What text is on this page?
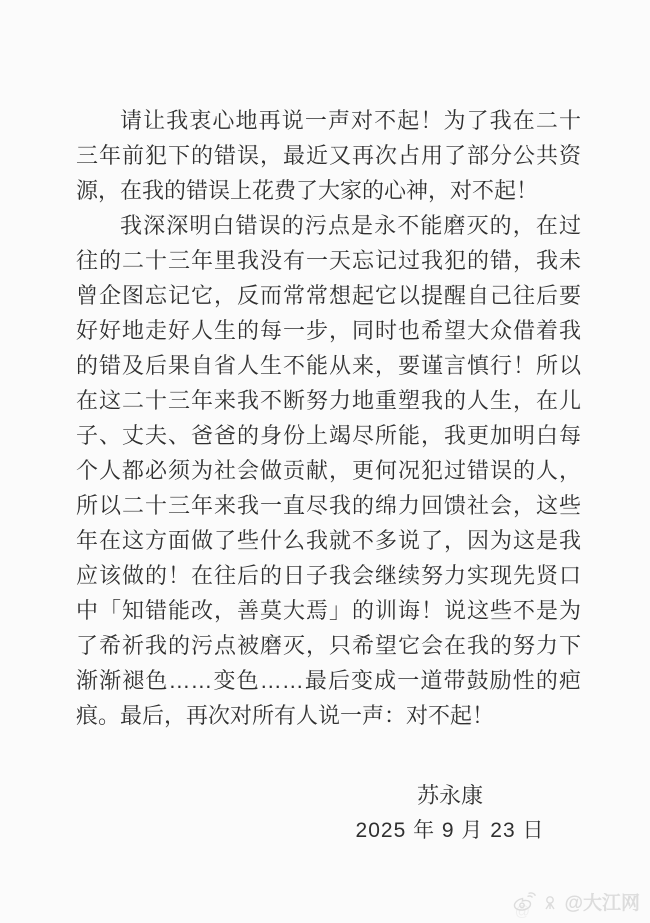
请让我衷心地再说一声对不起！为了我在二十三年前犯下的错误，最近又再次占用了部分公共资源，在我的错误上花费了大家的心神，对不起！

我深深明白错误的污点是永不能磨灭的，在过往的二十三年里我没有一天忘记过我犯的错，我未曾企图忘记它，反而常常想起它以提醒自己往后要好好地走好人生的每一步，同时也希望大众借着我的错及后果自省人生不能从来，要谨言慎行！所以在这二十三年来我不断努力地重塑我的人生，在儿子、丈夫、爸爸的身份上竭尽所能，我更加明白每个人都必须为社会做贡献，更何况犯过错误的人，所以二十三年来我一直尽我的绵力回馈社会，这些年在这方面做了些什么我就不多说了，因为这是我应该做的！在往后的日子我会继续努力实现先贤口中「知错能改，善莫大焉」的训诲！说这些不是为了希祈我的污点被磨灭，只希望它会在我的努力下渐渐褪色……变色……最后变成一道带鼓励性的疤痕。最后，再次对所有人说一声：对不起！

苏永康
2025 年 9 月 23 日
@ @大江网
